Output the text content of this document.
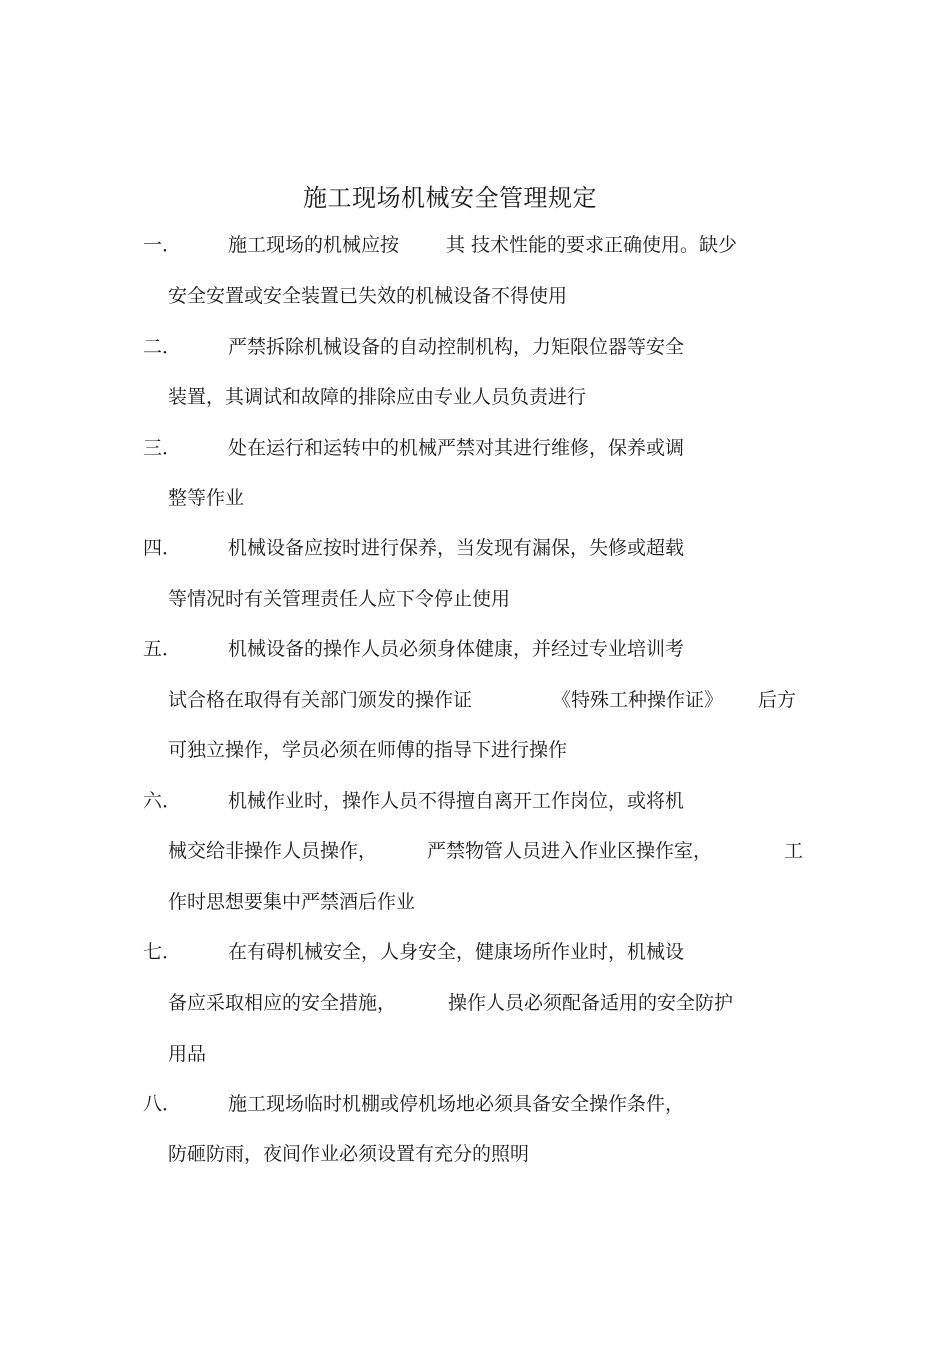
施工现场机械安全管理规定
一． 施工现场的机械应按 其 技术性能的要求正确使用。缺少
安全安置或安全装置已失效的机械设备不得使用
二． 严禁拆除机械设备的自动控制机构，力矩限位器等安全
装置，其调试和故障的排除应由专业人员负责进行
三． 处在运行和运转中的机械严禁对其进行维修，保养或调
整等作业
四． 机械设备应按时进行保养，当发现有漏保，失修或超载
等情况时有关管理责任人应下令停止使用
五． 机械设备的操作人员必须身体健康，并经过专业培训考
试合格在取得有关部门颁发的操作证	《特殊工种操作证》 后方
可独立操作，学员必须在师傅的指导下进行操作
六． 机械作业时，操作人员不得擅自离开工作岗位，或将机
械交给非操作人员操作，	严禁物管人员进入作业区操作室，	工
作时思想要集中严禁酒后作业
七． 在有碍机械安全，人身安全，健康场所作业时，机械设
备应采取相应的安全措施，	操作人员必须配备适用的安全防护
用品
八． 施工现场临时机棚或停机场地必须具备安全操作条件，
防砸防雨，夜间作业必须设置有充分的照明
